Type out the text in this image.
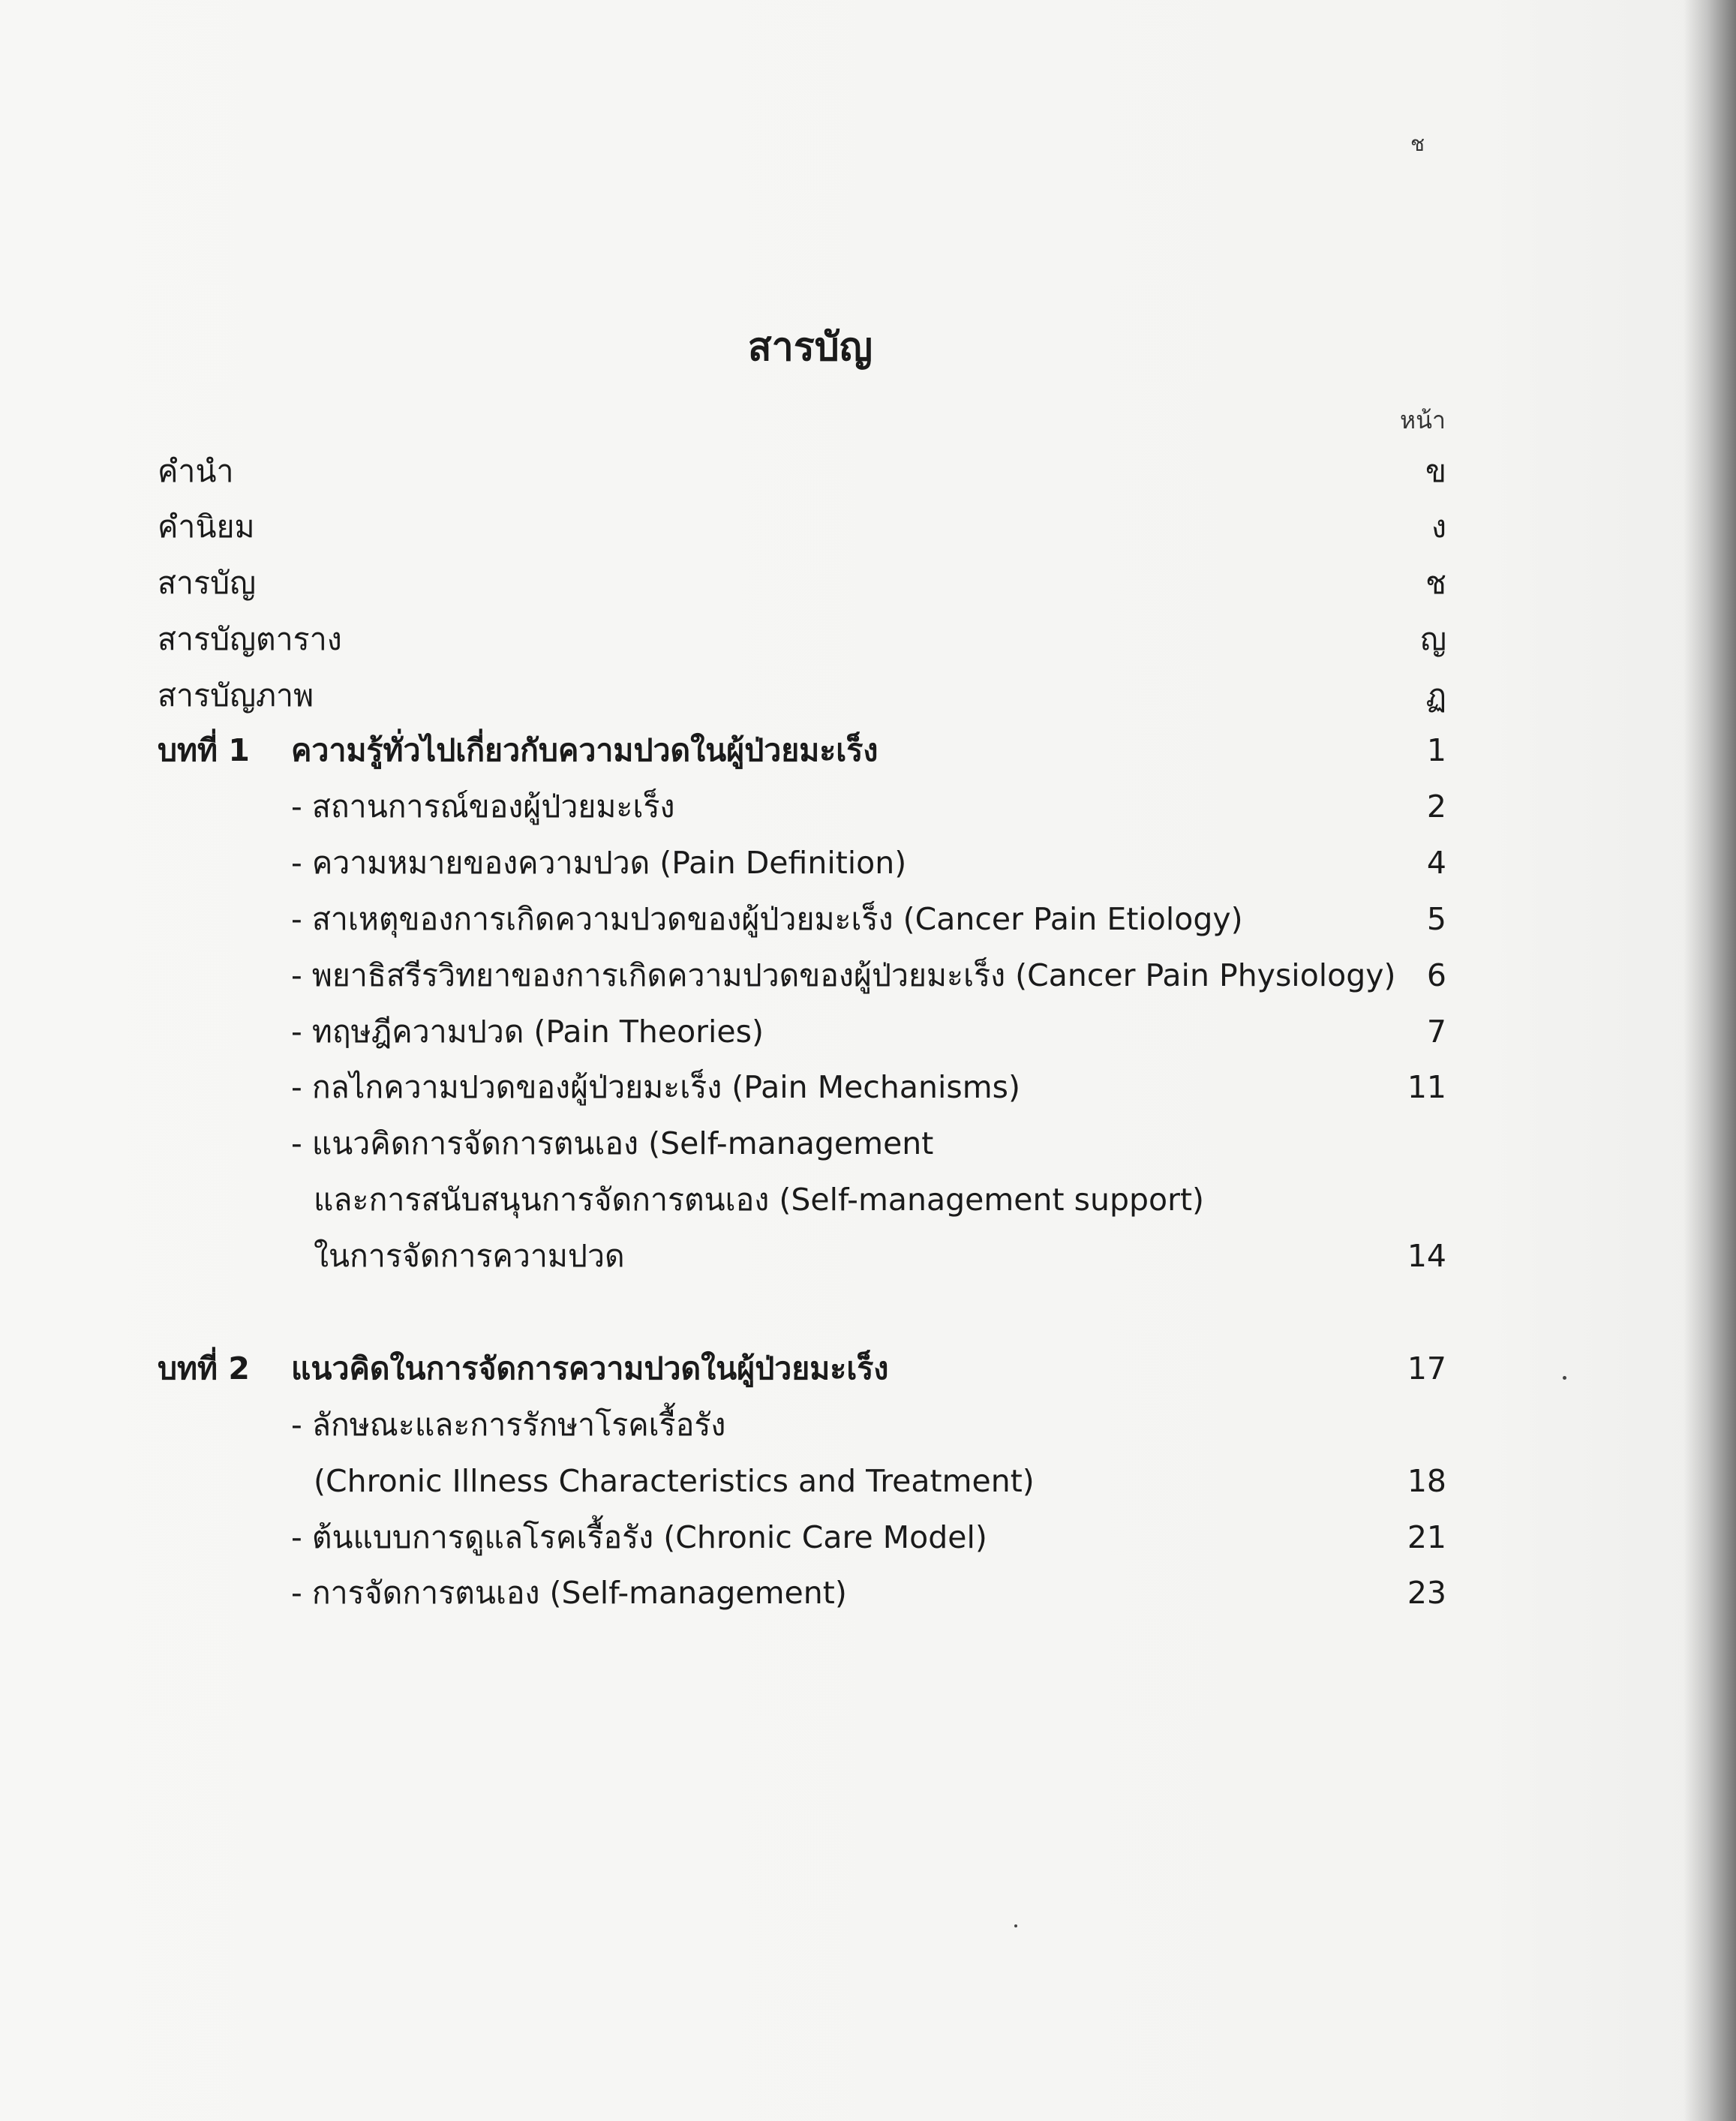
ช
สารบัญ
หน้า
คำนำ	ข
คำนิยม	ง
สารบัญ	ช
สารบัญตาราง	ญ
สารบัญภาพ	ฏ
บทที่ 1 ความรู้ทั่วไปเกี่ยวกับความปวดในผู้ป่วยมะเร็ง	1
- สถานการณ์ของผู้ป่วยมะเร็ง	2
- ความหมายของความปวด (Pain Definition)	4
- สาเหตุของการเกิดความปวดของผู้ป่วยมะเร็ง (Cancer Pain Etiology)	5
- พยาธิสรีรวิทยาของการเกิดความปวดของผู้ป่วยมะเร็ง (Cancer Pain Physiology) 6
- ทฤษฎีความปวด (Pain Theories)	7
- กลไกความปวดของผู้ป่วยมะเร็ง (Pain Mechanisms)	11
- แนวคิดการจัดการตนเอง (Self-management
และการสนับสนุนการจัดการตนเอง (Self-management support)
ในการจัดการความปวด	14
บทที่ 2 แนวคิดในการจัดการความปวดในผู้ป่วยมะเร็ง	17
- ลักษณะและการรักษาโรคเรื้อรัง
(Chronic Illness Characteristics and Treatment)	18
- ต้นแบบการดูแลโรคเรื้อรัง (Chronic Care Model)	21
- การจัดการตนเอง (Self-management)	23
